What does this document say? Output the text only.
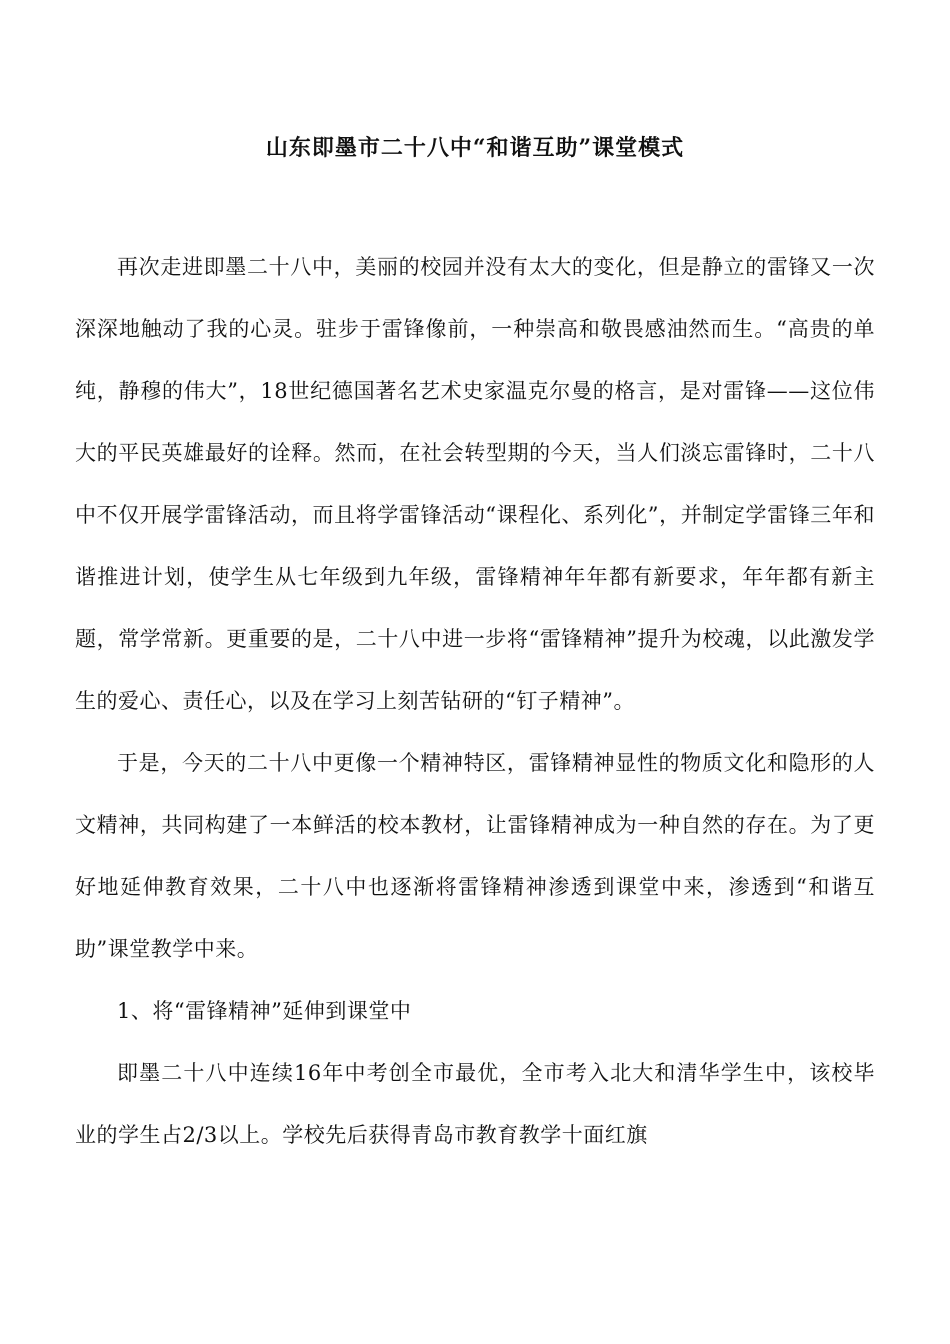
山东即墨市二十八中“和谐互助”课堂模式

再次走进即墨二十八中，美丽的校园并没有太大的变化，但是静立的雷锋又一次深深地触动了我的心灵。驻步于雷锋像前，一种崇高和敬畏感油然而生。“高贵的单纯，静穆的伟大”，18世纪德国著名艺术史家温克尔曼的格言，是对雷锋——这位伟大的平民英雄最好的诠释。然而，在社会转型期的今天，当人们淡忘雷锋时，二十八中不仅开展学雷锋活动，而且将学雷锋活动“课程化、系列化”，并制定学雷锋三年和谐推进计划，使学生从七年级到九年级，雷锋精神年年都有新要求，年年都有新主题，常学常新。更重要的是，二十八中进一步将“雷锋精神”提升为校魂，以此激发学生的爱心、责任心，以及在学习上刻苦钻研的“钉子精神”。

于是，今天的二十八中更像一个精神特区，雷锋精神显性的物质文化和隐形的人文精神，共同构建了一本鲜活的校本教材，让雷锋精神成为一种自然的存在。为了更好地延伸教育效果，二十八中也逐渐将雷锋精神渗透到课堂中来，渗透到“和谐互助”课堂教学中来。

1、将“雷锋精神”延伸到课堂中

即墨二十八中连续16年中考创全市最优，全市考入北大和清华学生中，该校毕业的学生占2/3以上。学校先后获得青岛市教育教学十面红旗
